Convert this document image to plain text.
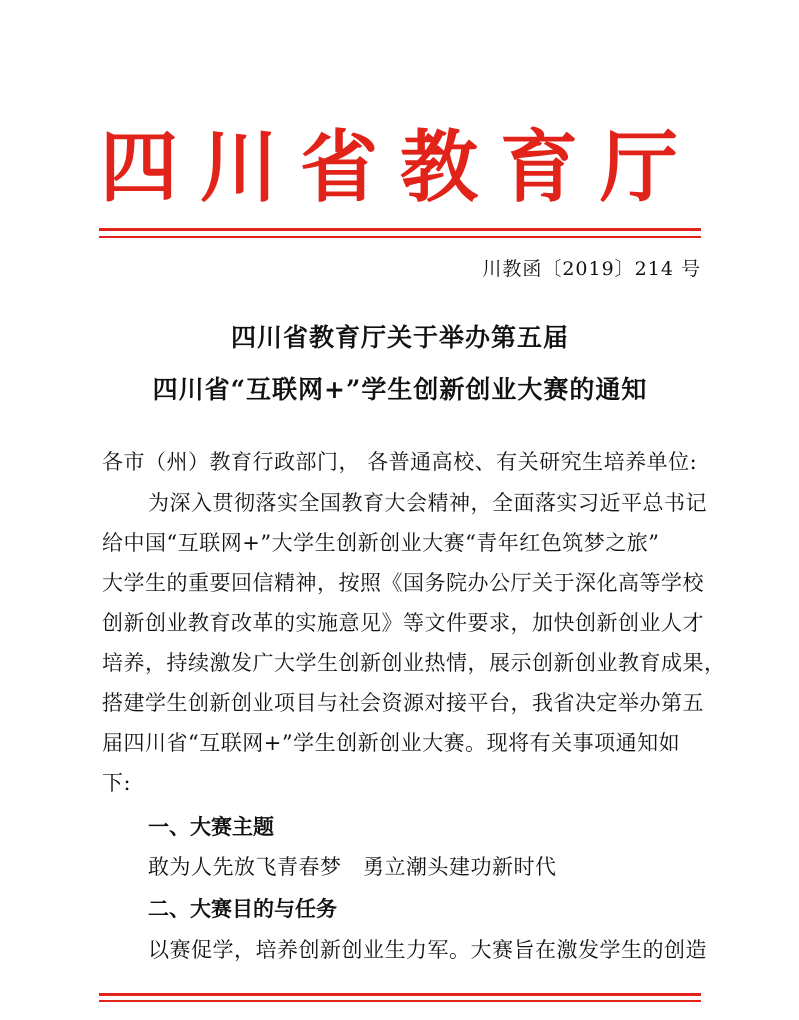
四川省教育厅
川教函〔2019〕214 号
四川省教育厅关于举办第五届
四川省“互联网+”学生创新创业大赛的通知
各市（州）教育行政部门， 各普通高校、有关研究生培养单位:
为深入贯彻落实全国教育大会精神，全面落实习近平总书记
给中国“互联网+”大学生创新创业大赛“青年红色筑梦之旅”
大学生的重要回信精神，按照《国务院办公厅关于深化高等学校
创新创业教育改革的实施意见》等文件要求，加快创新创业人才
培养，持续激发广大学生创新创业热情，展示创新创业教育成果，
搭建学生创新创业项目与社会资源对接平台，我省决定举办第五
届四川省“互联网+”学生创新创业大赛。现将有关事项通知如
下:
一、大赛主题
敢为人先放飞青春梦　勇立潮头建功新时代
二、大赛目的与任务
以赛促学，培养创新创业生力军。大赛旨在激发学生的创造
